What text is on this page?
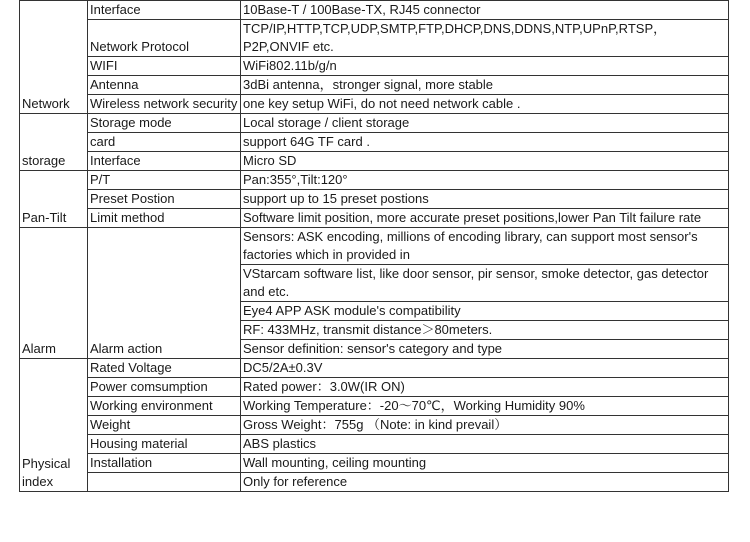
Network	Interface	10Base-T / 100Base-TX, RJ45 connector
	Network Protocol	TCP/IP,HTTP,TCP,UDP,SMTP,FTP,DHCP,DNS,DDNS,NTP,UPnP,RTSP，P2P,ONVIF etc.
	WIFI	WiFi802.11b/g/n
	Antenna	3dBi antenna，stronger signal, more stable
	Wireless network security	one key setup WiFi, do not need network cable .
storage	Storage mode	Local storage / client storage
	card	support 64G TF card .
	Interface	Micro SD
Pan-Tilt	P/T	Pan:355°,Tilt:120°
	Preset Postion	support up to 15 preset postions
	Limit method	Software limit position, more accurate preset positions,lower Pan Tilt failure rate
Alarm	Alarm action	Sensors: ASK encoding, millions of encoding library, can support most sensor's factories which in provided in
		VStarcam software list, like door sensor, pir sensor, smoke detector, gas detector and etc.
		Eye4 APP ASK module's compatibility
		RF: 433MHz, transmit distance＞80meters.
		Sensor definition: sensor's category and type
Physical index	Rated Voltage	DC5/2A±0.3V
	Power comsumption	Rated power：3.0W(IR ON)
	Working environment	Working Temperature：-20～70℃，Working Humidity 90%
	Weight	Gross Weight：755g （Note: in kind prevail）
	Housing material	ABS plastics
	Installation	Wall mounting, ceiling mounting
		Only for reference
